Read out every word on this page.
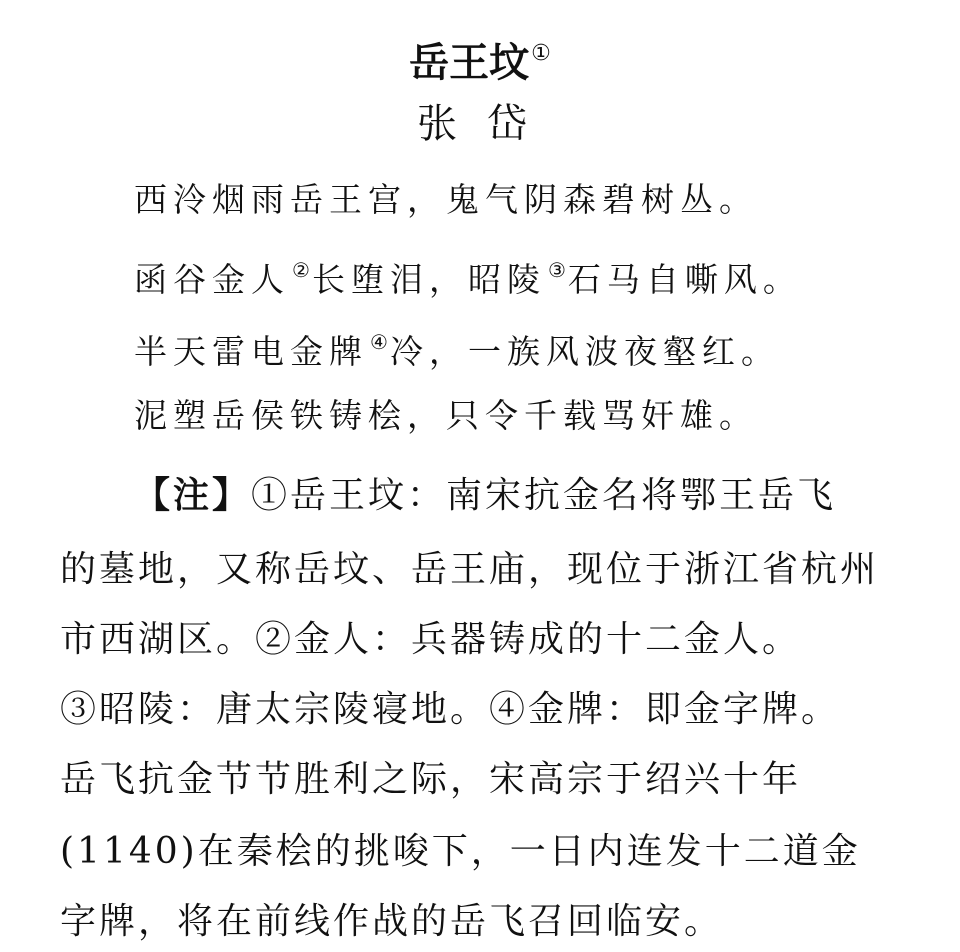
岳王坟①
张岱
西泠烟雨岳王宫，鬼气阴森碧树丛。
函谷金人 ②长堕泪，昭陵 ③石马自嘶风。
半天雷电金牌 ④冷，一族风波夜壑红。
泥塑岳侯铁铸桧，只令千载骂奸雄。
【注】①岳王坟：南宋抗金名将鄂王岳飞
的墓地，又称岳坟、岳王庙，现位于浙江省杭州
市西湖区。②金人：兵器铸成的十二金人。
③昭陵：唐太宗陵寝地。④金牌：即金字牌。
岳飞抗金节节胜利之际，宋高宗于绍兴十年
(1140)在秦桧的挑唆下，一日内连发十二道金
字牌，将在前线作战的岳飞召回临安。
